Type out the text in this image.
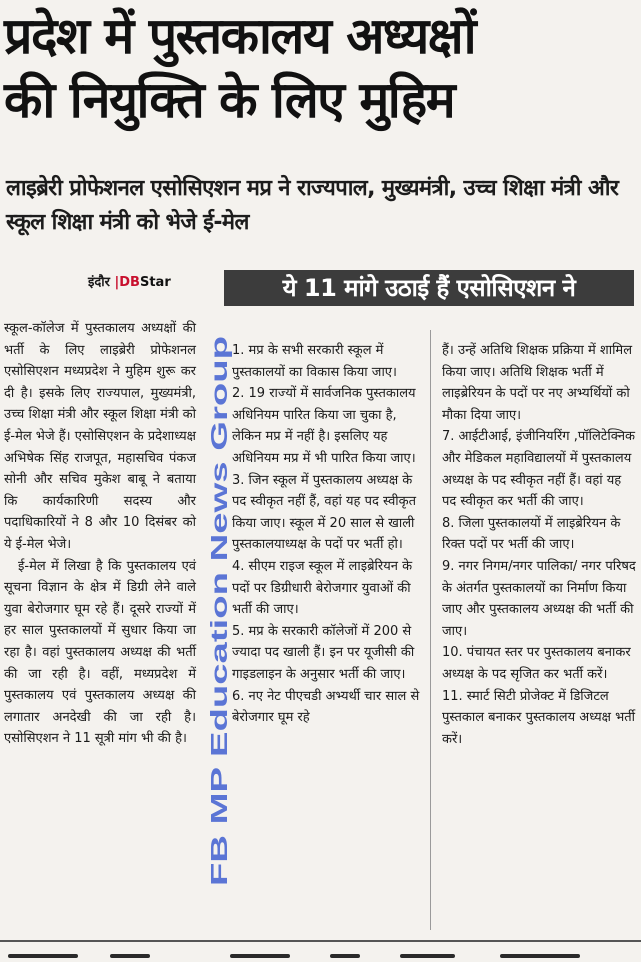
प्रदेश में पुस्तकालय अध्यक्षों
की नियुक्ति के लिए मुहिम
लाइब्रेरी प्रोफेशनल एसोसिएशन मप्र ने राज्यपाल, मुख्यमंत्री, उच्च शिक्षा मंत्री और स्कूल शिक्षा मंत्री को भेजे ई-मेल
इंदौर |DBStar	ये 11 मांगे उठाई हैं एसोसिएशन ने

स्कूल-कॉलेज में पुस्तकालय अध्यक्षों की भर्ती के लिए लाइब्रेरी प्रोफेशनल एसोसिएशन मध्यप्रदेश ने मुहिम शुरू कर दी है। इसके लिए राज्यपाल, मुख्यमंत्री, उच्च शिक्षा मंत्री और स्कूल शिक्षा मंत्री को ई-मेल भेजे हैं। एसोसिएशन के प्रदेशाध्यक्ष अभिषेक सिंह राजपूत, महासचिव पंकज सोनी और सचिव मुकेश बाबू ने बताया कि कार्यकारिणी सदस्य और पदाधिकारियों ने 8 और 10 दिसंबर को ये ई-मेल भेजे।

ई-मेल में लिखा है कि पुस्तकालय एवं सूचना विज्ञान के क्षेत्र में डिग्री लेने वाले युवा बेरोजगार घूम रहे हैं। दूसरे राज्यों में हर साल पुस्तकालयों में सुधार किया जा रहा है। वहां पुस्तकालय अध्यक्ष की भर्ती की जा रही है। वहीं, मध्यप्रदेश में पुस्तकालय एवं पुस्तकालय अध्यक्ष की लगातार अनदेखी की जा रही है। एसोसिएशन ने 11 सूत्री मांग भी की है। FB MP Education News Group

1. मप्र के सभी सरकारी स्कूल में पुस्तकालयों का विकास किया जाए।

2. 19 राज्यों में सार्वजनिक पुस्तकालय अधिनियम पारित किया जा चुका है, लेकिन मप्र में नहीं है। इसलिए यह अधिनियम मप्र में भी पारित किया जाए।

3. जिन स्कूल में पुस्तकालय अध्यक्ष के पद स्वीकृत नहीं हैं, वहां यह पद स्वीकृत किया जाए। स्कूल में 20 साल से खाली पुस्तकालयाध्यक्ष के पदों पर भर्ती हो।

4. सीएम राइज स्कूल में लाइब्रेरियन के पदों पर डिग्रीधारी बेरोजगार युवाओं की भर्ती की जाए।

5. मप्र के सरकारी कॉलेजों में 200 से ज्यादा पद खाली हैं। इन पर यूजीसी की गाइडलाइन के अनुसार भर्ती की जाए।

6. नए नेट पीएचडी अभ्यर्थी चार साल से बेरोजगार घूम रहे

हैं। उन्हें अतिथि शिक्षक प्रक्रिया में शामिल किया जाए। अतिथि शिक्षक भर्ती में लाइब्रेरियन के पदों पर नए अभ्यर्थियों को मौका दिया जाए।

7. आईटीआई, इंजीनियरिंग ,पॉलिटेक्निक और मेडिकल महाविद्यालयों में पुस्तकालय अध्यक्ष के पद स्वीकृत नहीं हैं। वहां यह पद स्वीकृत कर भर्ती की जाए।

8. जिला पुस्तकालयों में लाइब्रेरियन के रिक्त पदों पर भर्ती की जाए।

9. नगर निगम/नगर पालिका/ नगर परिषद के अंतर्गत पुस्तकालयों का निर्माण किया जाए और पुस्तकालय अध्यक्ष की भर्ती की जाए।

10. पंचायत स्तर पर पुस्तकालय बनाकर अध्यक्ष के पद सृजित कर भर्ती करें।

11. स्मार्ट सिटी प्रोजेक्ट में डिजिटल पुस्तकाल बनाकर पुस्तकालय अध्यक्ष भर्ती करें।
